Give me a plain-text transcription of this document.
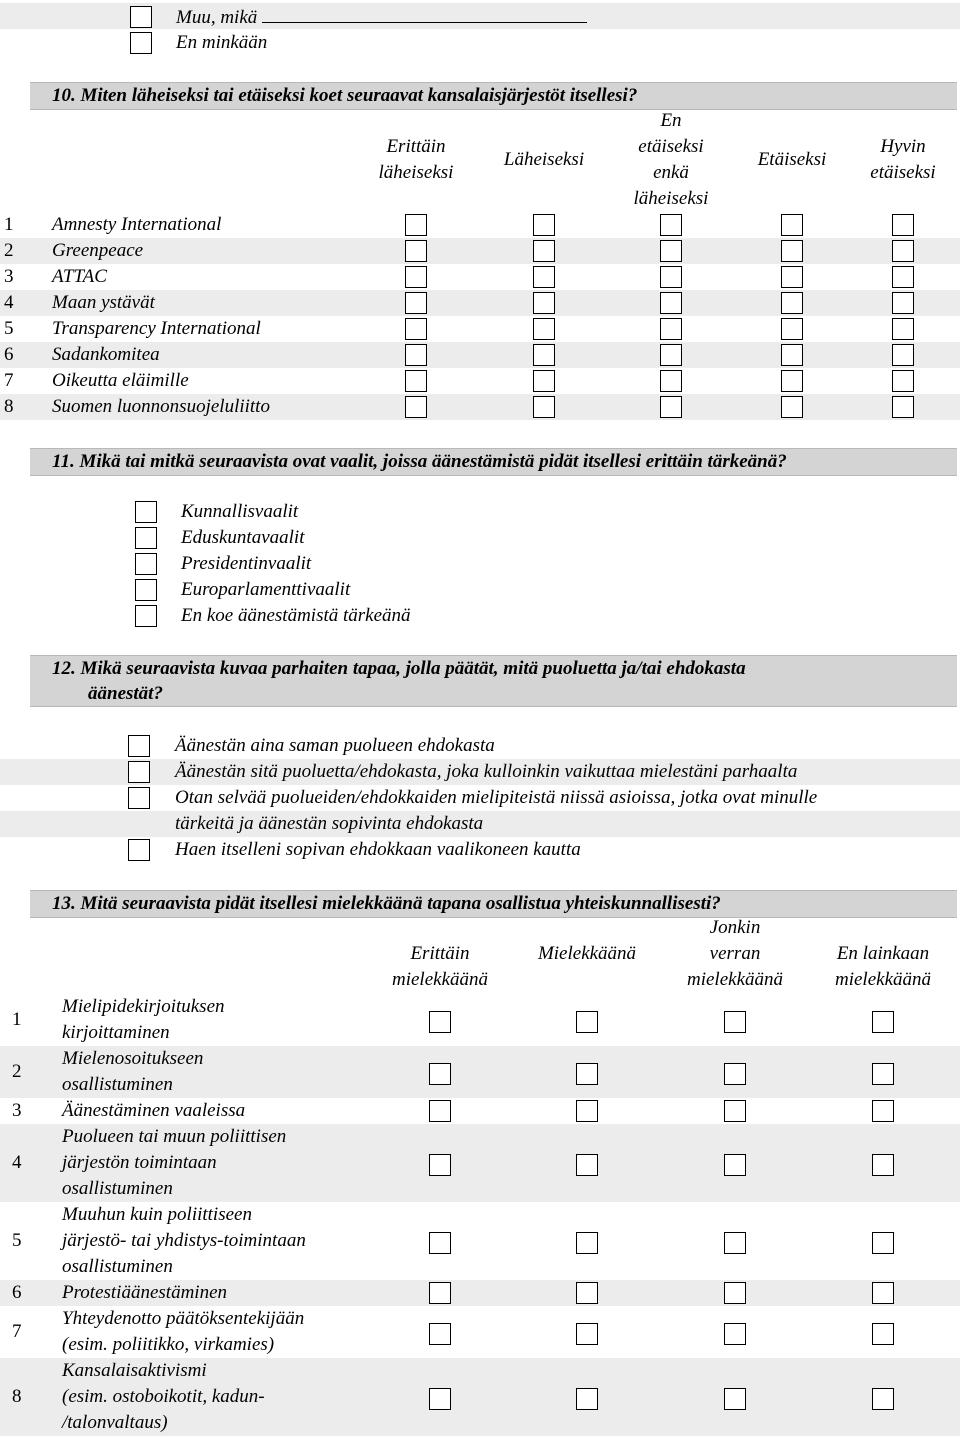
Muu, mikä
En minkään
10. Miten läheiseksi tai etäiseksi koet seuraavat kansalaisjärjestöt itsellesi?
Erittäin
läheiseksi
Läheiseksi
En
etäiseksi
enkä
läheiseksi
Etäiseksi
Hyvin
etäiseksi
1 Amnesty International
2 Greenpeace
3 ATTAC
4 Maan ystävät
5 Transparency International
6 Sadankomitea
7 Oikeutta eläimille
8 Suomen luonnonsuojeluliitto
11. Mikä tai mitkä seuraavista ovat vaalit, joissa äänestämistä pidät itsellesi erittäin tärkeänä?
Kunnallisvaalit
Eduskuntavaalit
Presidentinvaalit
Europarlamenttivaalit
En koe äänestämistä tärkeänä
12. Mikä seuraavista kuvaa parhaiten tapaa, jolla päätät, mitä puoluetta ja/tai ehdokasta
äänestät?
Äänestän aina saman puolueen ehdokasta
Äänestän sitä puoluetta/ehdokasta, joka kulloinkin vaikuttaa mielestäni parhaalta
Otan selvää puolueiden/ehdokkaiden mielipiteistä niissä asioissa, jotka ovat minulle
tärkeitä ja äänestän sopivinta ehdokasta
Haen itselleni sopivan ehdokkaan vaalikoneen kautta
13. Mitä seuraavista pidät itsellesi mielekkäänä tapana osallistua yhteiskunnallisesti?
Erittäin
mielekkäänä
Mielekkäänä
Jonkin
verran
mielekkäänä
En lainkaan
mielekkäänä
1
Mielipidekirjoituksen
kirjoittaminen
2
Mielenosoitukseen
osallistuminen
3 Äänestäminen vaaleissa
4
Puolueen tai muun poliittisen
järjestön toimintaan
osallistuminen
5
Muuhun kuin poliittiseen
järjestö- tai yhdistys-toimintaan
osallistuminen
6 Protestiäänestäminen
7
Yhteydenotto päätöksentekijään
(esim. poliitikko, virkamies)
8
Kansalaisaktivismi
(esim. ostoboikotit, kadun-
/talonvaltaus)
